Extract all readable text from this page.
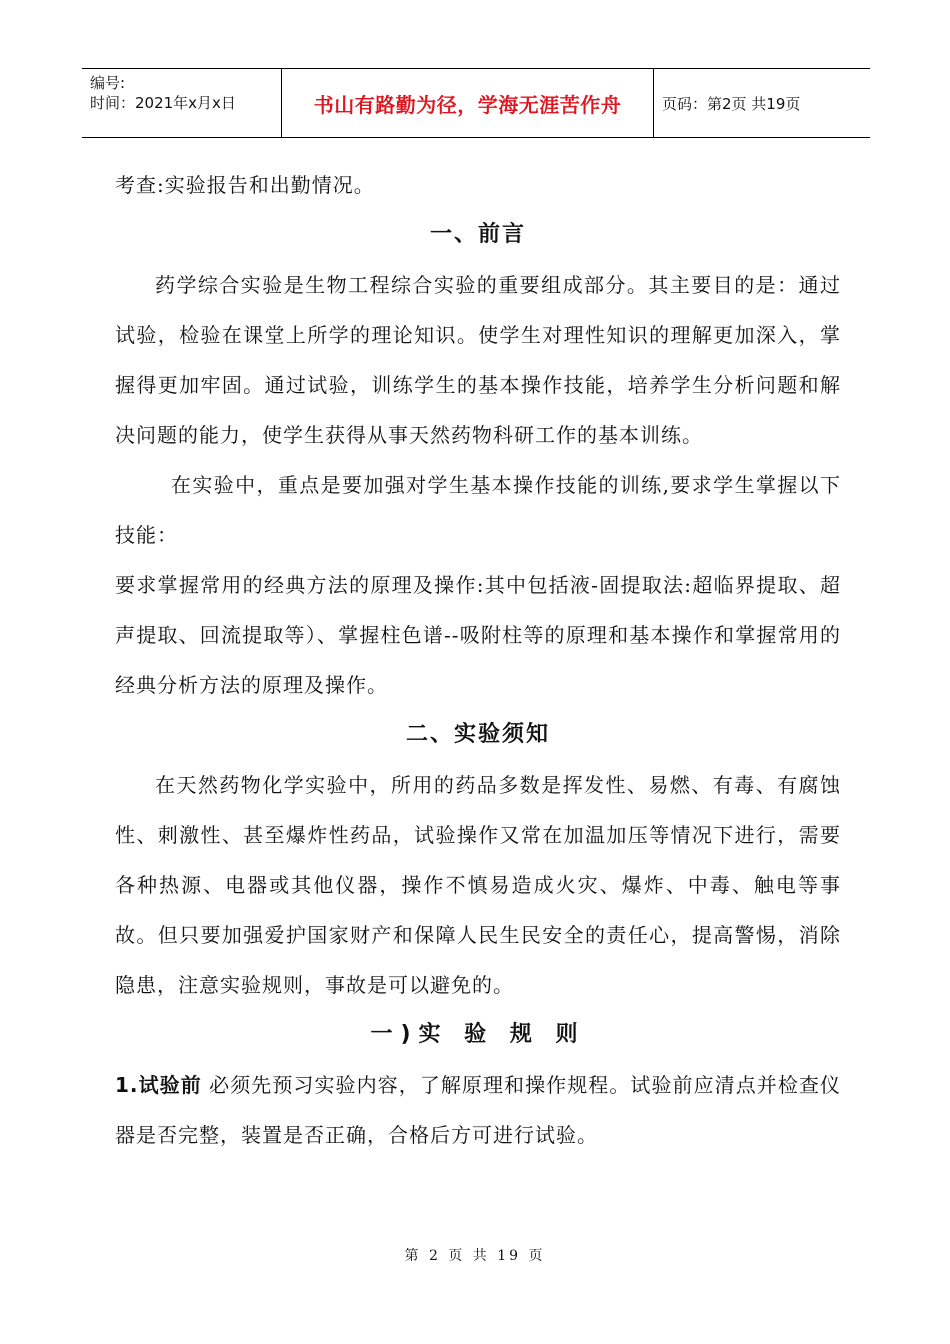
编号:
时间：2021年x月x日	书山有路勤为径，学海无涯苦作舟	页码：第2页 共19页

考查:实验报告和出勤情况。

一、前言

药学综合实验是生物工程综合实验的重要组成部分。其主要目的是：通过试验，检验在课堂上所学的理论知识。使学生对理性知识的理解更加深入，掌握得更加牢固。通过试验，训练学生的基本操作技能，培养学生分析问题和解决问题的能力，使学生获得从事天然药物科研工作的基本训练。

在实验中，重点是要加强对学生基本操作技能的训练,要求学生掌握以下技能：

要求掌握常用的经典方法的原理及操作:其中包括液-固提取法:超临界提取、超声提取、回流提取等）、掌握柱色谱--吸附柱等的原理和基本操作和掌握常用的经典分析方法的原理及操作。

二、实验须知

在天然药物化学实验中，所用的药品多数是挥发性、易燃、有毒、有腐蚀性、刺激性、甚至爆炸性药品，试验操作又常在加温加压等情况下进行，需要各种热源、电器或其他仪器，操作不慎易造成火灾、爆炸、中毒、触电等事故。但只要加强爱护国家财产和保障人民生民安全的责任心，提高警惕，消除隐患，注意实验规则，事故是可以避免的。

一)实 验 规 则

1.试验前 必须先预习实验内容，了解原理和操作规程。试验前应清点并检查仪器是否完整，装置是否正确，合格后方可进行试验。

第 2 页 共 19 页
